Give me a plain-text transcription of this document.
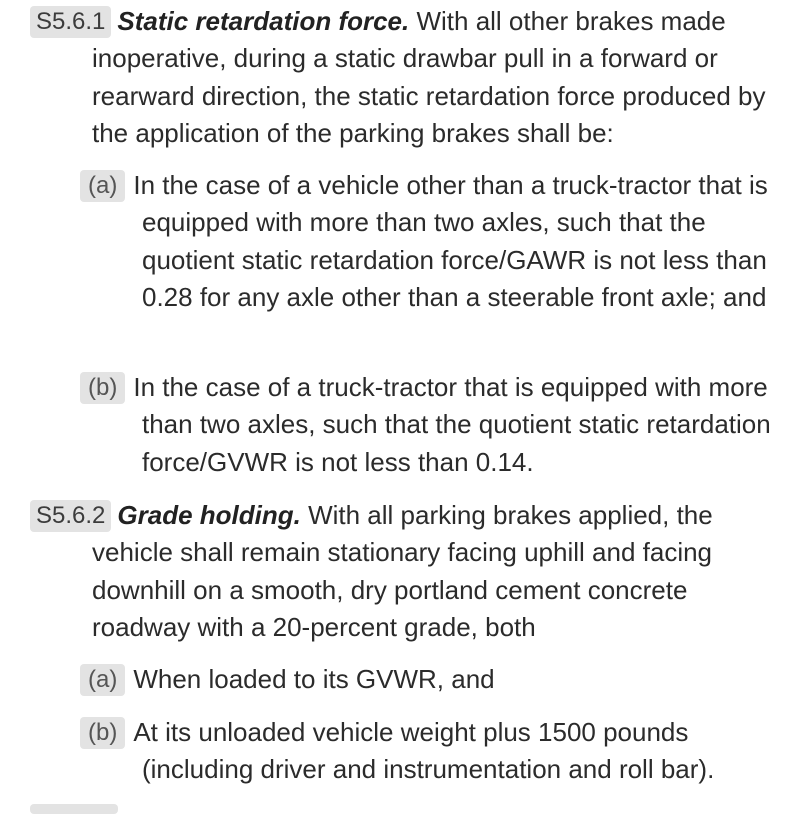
S5.6.1 Static retardation force. With all other brakes made inoperative, during a static drawbar pull in a forward or rearward direction, the static retardation force produced by the application of the parking brakes shall be:
(a) In the case of a vehicle other than a truck-tractor that is equipped with more than two axles, such that the quotient static retardation force/GAWR is not less than 0.28 for any axle other than a steerable front axle; and
(b) In the case of a truck-tractor that is equipped with more than two axles, such that the quotient static retardation force/GVWR is not less than 0.14.
S5.6.2 Grade holding. With all parking brakes applied, the vehicle shall remain stationary facing uphill and facing downhill on a smooth, dry portland cement concrete roadway with a 20-percent grade, both
(a) When loaded to its GVWR, and
(b) At its unloaded vehicle weight plus 1500 pounds (including driver and instrumentation and roll bar).
